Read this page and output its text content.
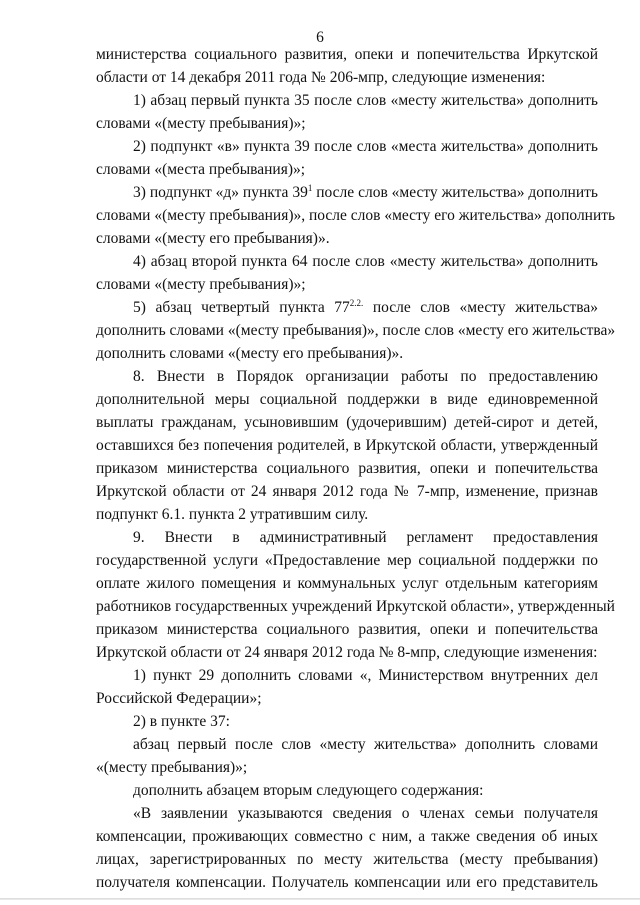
6
министерства социального развития, опеки и попечительства Иркутской
области от 14 декабря 2011 года № 206-мпр, следующие изменения:
1) абзац первый пункта 35 после слов «месту жительства» дополнить
словами «(месту пребывания)»;
2) подпункт «в» пункта 39 после слов «места жительства» дополнить
словами «(места пребывания)»;
3) подпункт «д» пункта $39^1$ после слов «месту жительства» дополнить
словами «(месту пребывания)», после слов «месту его жительства» дополнить
словами «(месту его пребывания)».
4) абзац второй пункта 64 после слов «месту жительства» дополнить
словами «(месту пребывания)»;
5) абзац четвертый пункта $77^{2.2.}$ после слов «месту жительства»
дополнить словами «(месту пребывания)», после слов «месту его жительства»
дополнить словами «(месту его пребывания)».
8. Внести в Порядок организации работы по предоставлению
дополнительной меры социальной поддержки в виде единовременной
выплаты гражданам, усыновившим (удочерившим) детей-сирот и детей,
оставшихся без попечения родителей, в Иркутской области, утвержденный
приказом министерства социального развития, опеки и попечительства
Иркутской области от 24 января 2012 года № 7-мпр, изменение, признав
подпункт 6.1. пункта 2 утратившим силу.
9. Внести в административный регламент предоставления
государственной услуги «Предоставление мер социальной поддержки по
оплате жилого помещения и коммунальных услуг отдельным категориям
работников государственных учреждений Иркутской области», утвержденный
приказом министерства социального развития, опеки и попечительства
Иркутской области от 24 января 2012 года № 8-мпр, следующие изменения:
1) пункт 29 дополнить словами «, Министерством внутренних дел
Российской Федерации»;
2) в пункте 37:
абзац первый после слов «месту жительства» дополнить словами
«(месту пребывания)»;
дополнить абзацем вторым следующего содержания:
«В заявлении указываются сведения о членах семьи получателя
компенсации, проживающих совместно с ним, а также сведения об иных
лицах, зарегистрированных по месту жительства (месту пребывания)
получателя компенсации. Получатель компенсации или его представитель
